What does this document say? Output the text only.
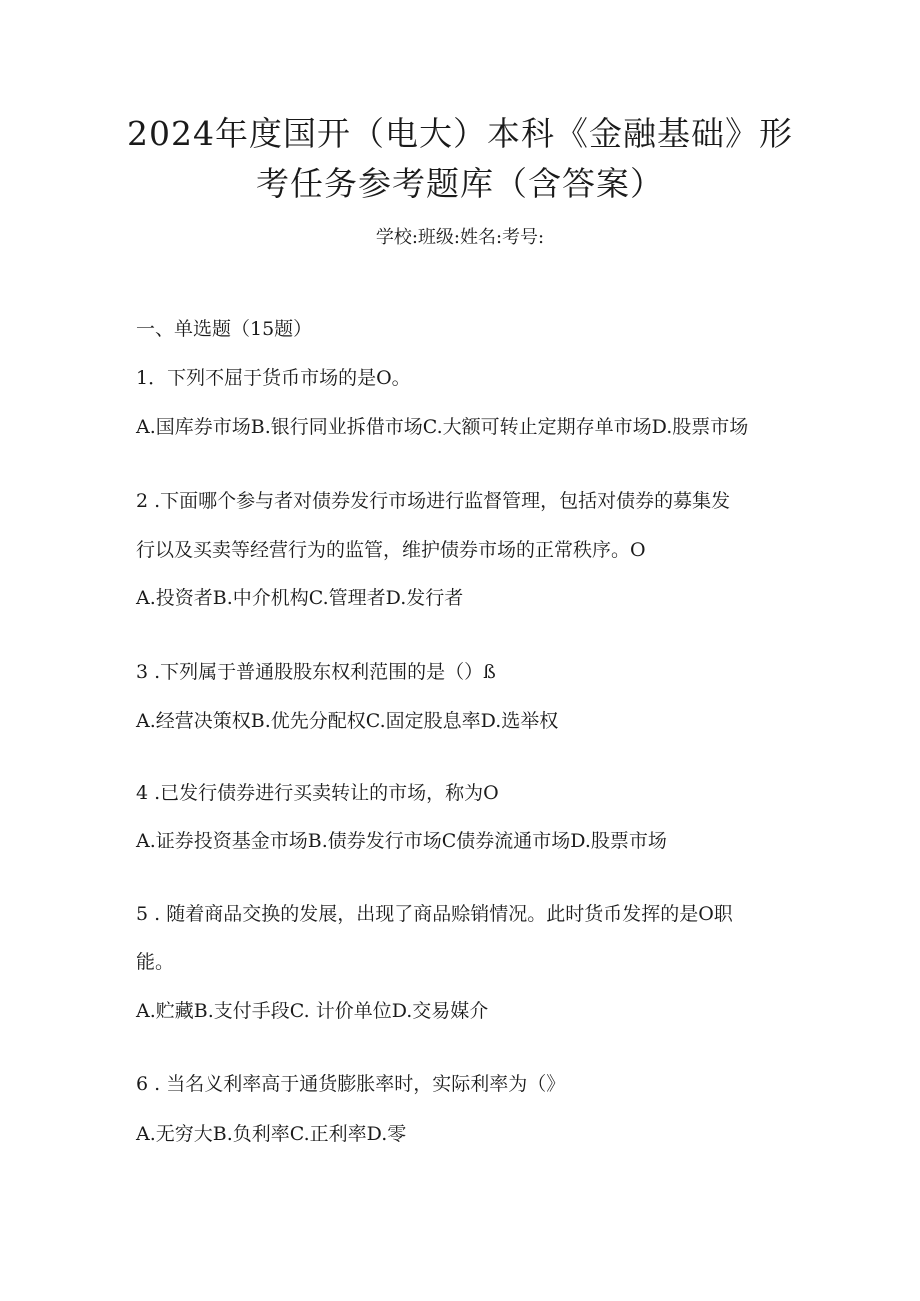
2024年度国开（电大）本科《金融基础》形
考任务参考题库（含答案）
学校:班级:姓名:考号:
一、单选题（15题）
1．下列不屈于货币市场的是O。
A.国库券市场B.银行同业拆借市场C.大额可转止定期存单市场D.股票市场
2 .下面哪个参与者对债券发行市场进行监督管理，包括对债券的募集发
行以及买卖等经营行为的监管，维护债券市场的正常秩序。O
A.投资者B.中介机构C.管理者D.发行者
3 .下列属于普通股股东权利范围的是（）ß
A.经营决策权B.优先分配权C.固定股息率D.选举权
4 .已发行债券进行买卖转让的市场，称为O
A.证券投资基金市场B.债券发行市场C债券流通市场D.股票市场
5 . 随着商品交换的发展，出现了商品赊销情况。此时货币发挥的是O职
能。
A.贮藏B.支付手段C. 计价单位D.交易媒介
6 . 当名义利率高于通货膨胀率时，实际利率为（》
A.无穷大B.负利率C.正利率D.零
